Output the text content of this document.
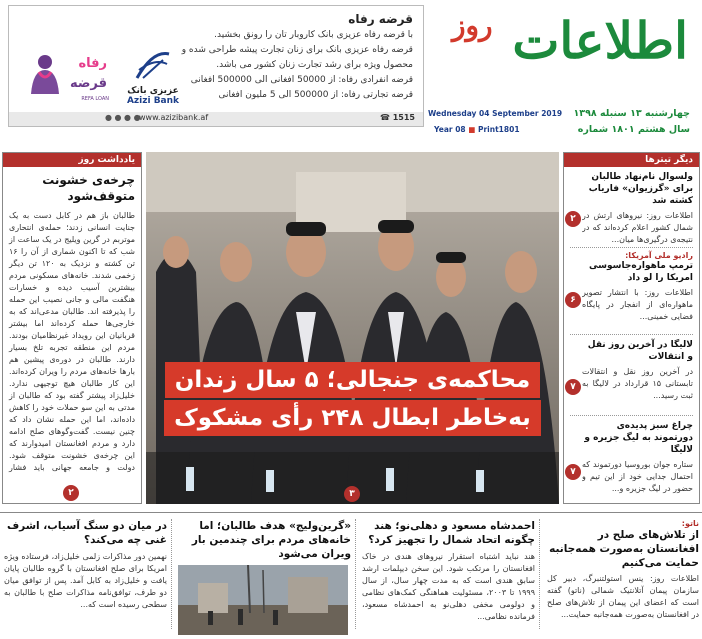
قرضه رفاه
با قرضه رفاه عزیزی بانک کاروبار تان را رونق بخشید.
قرضه رفاه عزیزی بانک برای زنان تجارت پیشه طراحی شده و
محصول ویژه برای رشد تجارت زنان کشور می باشد.
قرضه انفرادی رفاه: از 50000 افغانی الی 500000 افغانی
قرضه تجارتی رفاه: از 500000 الی 5 ملیون افغانی
عزیزی بانک
Azizi Bank
رفاه
قرضه
REFA LOAN
☎ 1515
www.azizibank.af
● ● ● ●
اطلاعات
روز
چهارشنبه ۱۳ سنبله ۱۳۹۸
سال هشتم ۱۸۰۱ شماره
Wednesday 04 September 2019
Year 08 ■ Print1801
یادداشت روز
چرخه‌ی خشونت
متوقف‌شود
طالبان باز هم در کابل دست به یک جنایت انسانی زدند؛ حمله‌ی انتحاری موتربم در گرین ویلیج در یک ساعت از شب که تا اکنون شماری از آن را ۱۶ تن کشته و نزدیک به ۱۲۰ تن دیگر زخمی شدند. خانه‌های مسکونی مردم بیشترین آسیب دیده و خسارات هنگفت مالی و جانی نصیب این حمله را پذیرفته اند. طالبان مدعی‌اند که به خارجی‌ها حمله کرده‌اند اما بیشتر قربانیان این رویداد غیرنظامیان بودند. مردم این منطقه تجربه تلخ بسیار دارند. طالبان در دوره‌ی پیشین هم بارها خانه‌های مردم را ویران کرده‌اند. این کار طالبان هیچ توجیهی ندارد. خلیل‌زاد پیشتر گفته بود که طالبان از مدتی به این سو حملات خود را کاهش داده‌اند، اما این حمله نشان داد که چنین نیست. گفت‌وگوهای صلح ادامه دارد و مردم افغانستان امیدوارند که این چرخه‌ی خشونت متوقف شود. دولت و جامعه جهانی باید فشار
۲
محاکمه‌ی جنجالی؛ ۵ سال زندان
به‌خاطر ابطال ۲۴۸ رأی مشکوک
۳
دیگر تیترها
ولسوال نام‌نهاد طالبان برای «گرزیوان» فارياب كشته شد
اطلاعات روز: نیروهای ارتش در شمال کشور اعلام کرده‌اند که در نتیجه‌ی درگیری‌ها میان...
۲
رادیو ملی آمریکا:
ترمپ ماهواره‌جاسوسی امریکا را لو داد
اطلاعات روز: با انتشار تصویر ماهواره‌ای از انفجار در پایگاه فضایی خمینی‌...
۶
لالیگا در آخرین روز نقل و انتقالات
در آخرین روز نقل و انتقالات تابستانی ۱۵ قرارداد در لالیگا به ثبت رسید...
۷
چراغ سبز پدیده‌ی دورتموند به لیگ جزیره و لالیگا
ستاره جوان بوروسیا دورتموند که احتمال جدایی خود از این تیم و حضور در لیگ جزیره و...
۷
ناتو:
از تلاش‌های صلح در افغانستان به‌صورت همه‌جانبه حمایت می‌کنیم
اطلاعات روز: ینس استولتنبرگ، دبیر کل سازمان پیمان آتلانتیک شمالی (ناتو) گفته است که اعضای این پیمان از تلاش‌های صلح در افغانستان به‌صورت همه‌جانبه حمایت...
احمدشاه مسعود و دهلی‌نو؛ هند چگونه اتحاد شمال را تجهیز کرد؟
هند نباید اشتباه استقرار نیروهای هندی در خاک افغانستان را مرتکب شود. این سخن دیپلمات ارشد سابق هندی است که به مدت چهار سال، از سال ۱۹۹۹ تا ۲۰۰۳، مسئولیت هماهنگی کمک‌های نظامی و دولومی مخفی دهلی‌نو به احمدشاه مسعود، فرمانده نظامی...
«گرین‌ولیج» هدف طالبان؛ اما خانه‌های مردم برای چندمین بار ویران می‌شود
در میان دو سنگ آسیاب، اشرف غنی چه می‌کند؟
نهمین دور مذاکرات زلمی خلیل‌زاد، فرستاده ویژه امریکا برای صلح افغانستان با گروه طالبان پایان یافت و خلیل‌زاد به کابل آمد. پس از توافق میان دو طرف، توافق‌نامه مذاکرات صلح با طالبان به سطحی رسیده است که...
